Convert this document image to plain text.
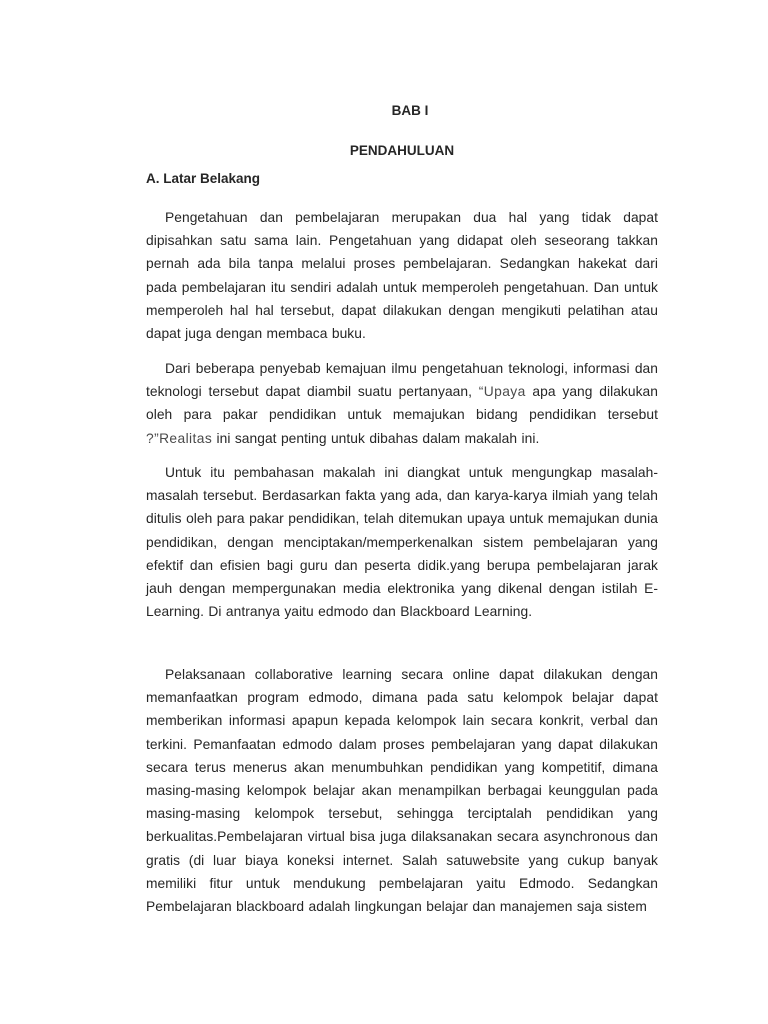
BAB I
PENDAHULUAN
A. Latar Belakang

Pengetahuan dan pembelajaran merupakan dua hal yang tidak dapat dipisahkan satu sama lain. Pengetahuan yang didapat oleh seseorang takkan pernah ada bila tanpa melalui proses pembelajaran. Sedangkan hakekat dari pada pembelajaran itu sendiri adalah untuk memperoleh pengetahuan. Dan untuk memperoleh hal hal tersebut, dapat dilakukan dengan mengikuti pelatihan atau dapat juga dengan membaca buku.

Dari beberapa penyebab kemajuan ilmu pengetahuan teknologi, informasi dan teknologi tersebut dapat diambil suatu pertanyaan, “Upaya apa yang dilakukan oleh para pakar pendidikan untuk memajukan bidang pendidikan tersebut ?”Realitas ini sangat penting untuk dibahas dalam makalah ini.

Untuk itu pembahasan makalah ini diangkat untuk mengungkap masalah-masalah tersebut. Berdasarkan fakta yang ada, dan karya-karya ilmiah yang telah ditulis oleh para pakar pendidikan, telah ditemukan upaya untuk memajukan dunia pendidikan, dengan menciptakan/memperkenalkan sistem pembelajaran yang efektif dan efisien bagi guru dan peserta didik.yang berupa pembelajaran jarak jauh dengan mempergunakan media elektronika yang dikenal dengan istilah E-Learning. Di antranya yaitu edmodo dan Blackboard Learning.

Pelaksanaan collaborative learning secara online dapat dilakukan dengan memanfaatkan program edmodo, dimana pada satu kelompok belajar dapat memberikan informasi apapun kepada kelompok lain secara konkrit, verbal dan terkini. Pemanfaatan edmodo dalam proses pembelajaran yang dapat dilakukan secara terus menerus akan menumbuhkan pendidikan yang kompetitif, dimana masing-masing kelompok belajar akan menampilkan berbagai keunggulan pada masing-masing kelompok tersebut, sehingga terciptalah pendidikan yang berkualitas.Pembelajaran virtual bisa juga dilaksanakan secara asynchronous dan gratis (di luar biaya koneksi internet. Salah satuwebsite yang cukup banyak memiliki fitur untuk mendukung pembelajaran yaitu Edmodo. Sedangkan Pembelajaran blackboard adalah lingkungan belajar dan manajemen saja sistem
